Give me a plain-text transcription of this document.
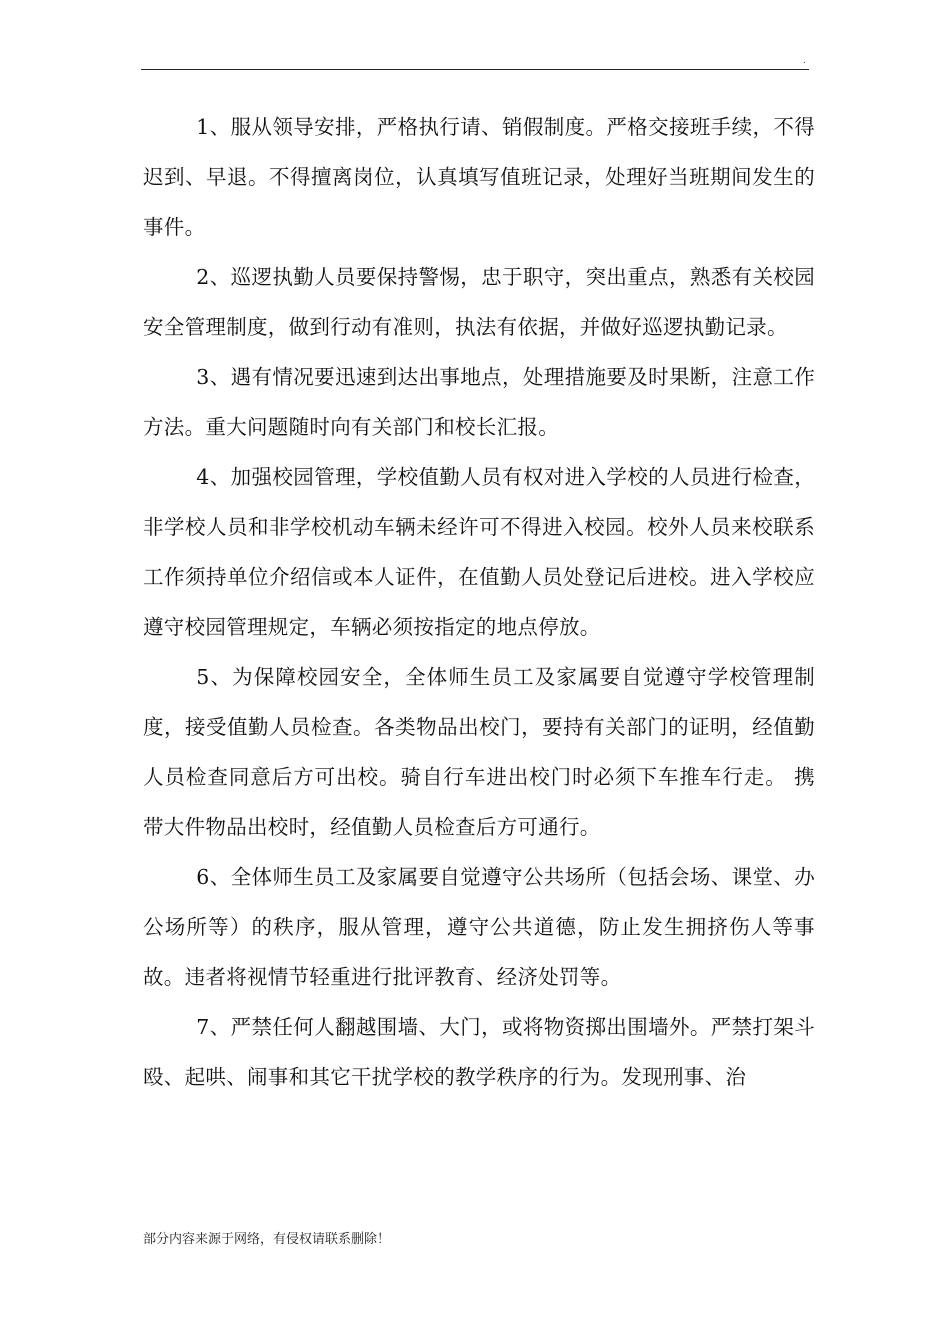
.

1、服从领导安排，严格执行请、销假制度。严格交接班手续，不得迟到、早退。不得擅离岗位，认真填写值班记录，处理好当班期间发生的事件。

2、巡逻执勤人员要保持警惕，忠于职守，突出重点，熟悉有关校园安全管理制度，做到行动有准则，执法有依据，并做好巡逻执勤记录。

3、遇有情况要迅速到达出事地点，处理措施要及时果断，注意工作方法。重大问题随时向有关部门和校长汇报。

4、加强校园管理，学校值勤人员有权对进入学校的人员进行检查，非学校人员和非学校机动车辆未经许可不得进入校园。校外人员来校联系工作须持单位介绍信或本人证件，在值勤人员处登记后进校。进入学校应遵守校园管理规定，车辆必须按指定的地点停放。

5、为保障校园安全，全体师生员工及家属要自觉遵守学校管理制度，接受值勤人员检查。各类物品出校门，要持有关部门的证明，经值勤人员检查同意后方可出校。骑自行车进出校门时必须下车推车行走。 携带大件物品出校时，经值勤人员检查后方可通行。

6、全体师生员工及家属要自觉遵守公共场所（包括会场、课堂、办公场所等）的秩序，服从管理，遵守公共道德，防止发生拥挤伤人等事故。违者将视情节轻重进行批评教育、经济处罚等。

7、严禁任何人翻越围墙、大门，或将物资掷出围墙外。严禁打架斗殴、起哄、闹事和其它干扰学校的教学秩序的行为。发现刑事、治

部分内容来源于网络，有侵权请联系删除！
